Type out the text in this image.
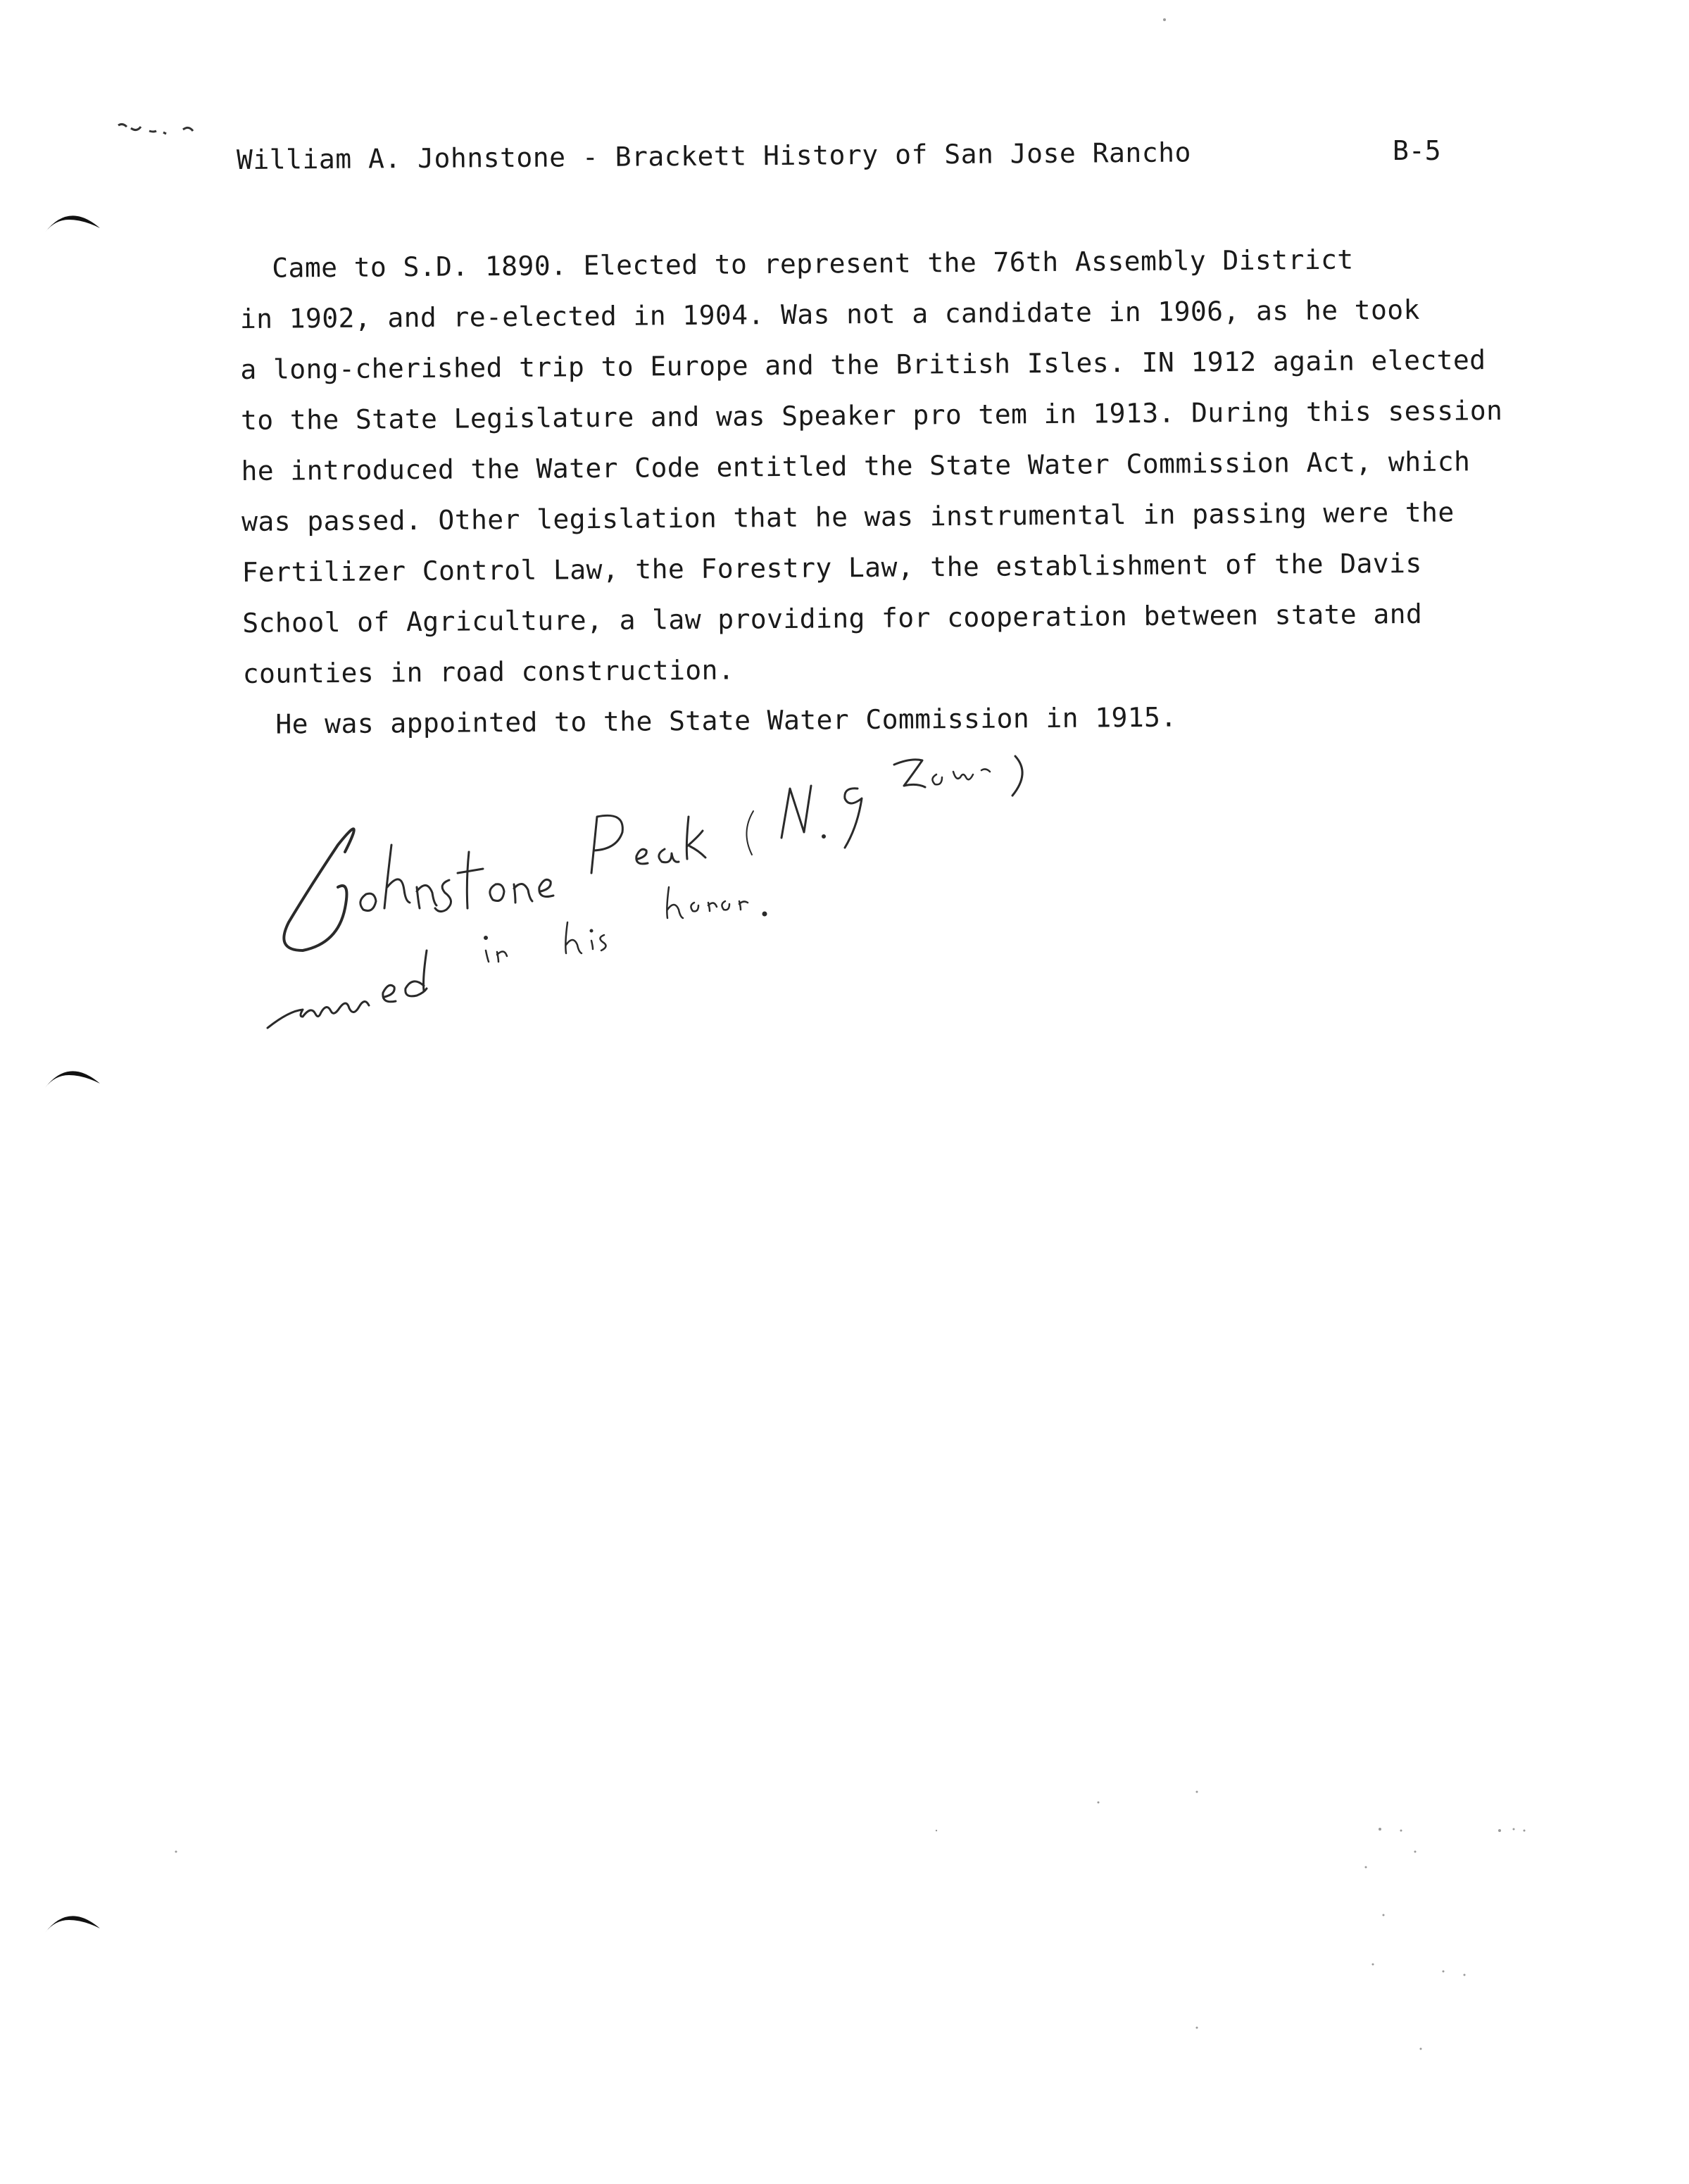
William A. Johnstone - Brackett History of San Jose Rancho	B-5
Came to S.D. 1890. Elected to represent the 76th Assembly District
in 1902, and re-elected in 1904. Was not a candidate in 1906, as he took
a long-cherished trip to Europe and the British Isles. IN 1912 again elected
to the State Legislature and was Speaker pro tem in 1913. During this session
he introduced the Water Code entitled the State Water Commission Act, which
was passed. Other legislation that he was instrumental in passing were the
Fertilizer Control Law, the Forestry Law, the establishment of the Davis
School of Agriculture, a law providing for cooperation between state and
counties in road construction.
He was appointed to the State Water Commission in 1915.
